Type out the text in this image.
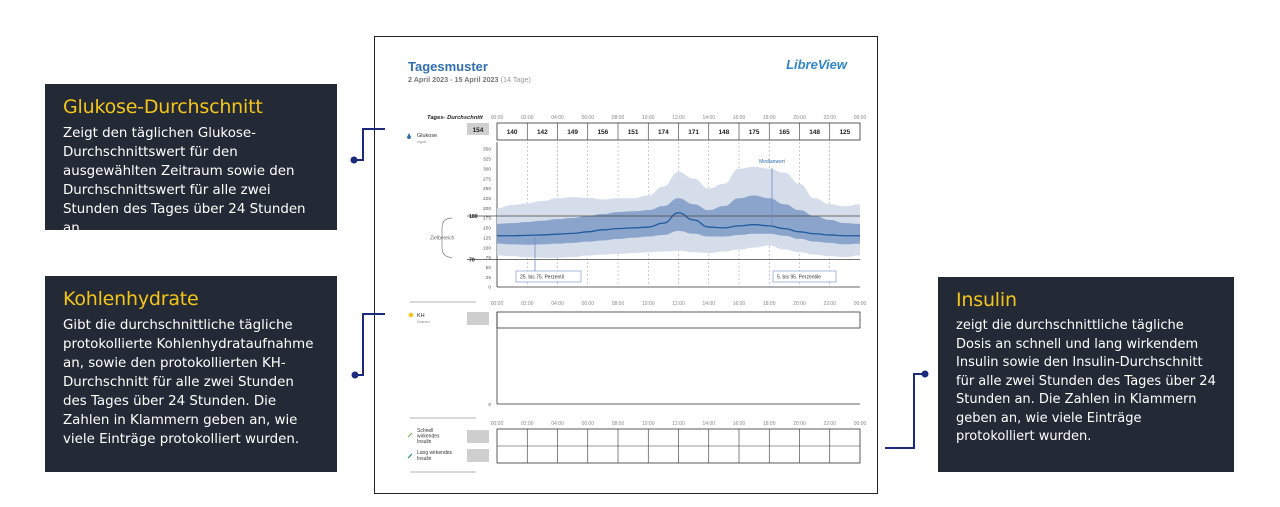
Glukose-Durchschnitt

Zeigt den täglichen Glukose-Durchschnittswert für den ausgewählten Zeitraum sowie den Durchschnittswert für alle zwei Stunden des Tages über 24 Stunden an.

Kohlenhydrate

Gibt die durchschnittliche tägliche protokollierte Kohlenhydrataufnahme an, sowie den protokollierten KH-Durchschnitt für alle zwei Stunden des Tages über 24 Stunden. Die Zahlen in Klammern geben an, wie viele Einträge protokolliert wurden.

Insulin

zeigt die durchschnittliche tägliche Dosis an schnell und lang wirkendem Insulin sowie den Insulin-Durchschnitt für alle zwei Stunden des Tages über 24 Stunden an. Die Zahlen in Klammern geben an, wie viele Einträge protokolliert wurden.

Tagesmuster
2 April 2023 - 15 April 2023 (14 Tage)
LibreView
Tages- Durchschnitt 00:00	02:00	04:00	06:00	08:00	10:00	12:00	14:00	16:00	18:00	20:00	22:00	00:00
154	140	142	149	156	151	174	171	148	175	165	148	125
Glukose
mg/dL
350
325
300
275
250
225
200
175
150
125
100
75
50
25
0
180
70
Zielbereich
Medianwert
25. bis 75. Perzentil	5. bis 95. Perzentile
00:00	02:00	04:00	06:00	08:00	10:00	12:00	14:00	16:00	18:00	20:00	22:00	00:00
KH
Gramm
0
00:00	02:00	04:00	06:00	08:00	10:00	12:00	14:00	16:00	18:00	20:00	22:00	00:00
Schnell
wirkendes
Insulin
Lang wirkendes
Insulin
